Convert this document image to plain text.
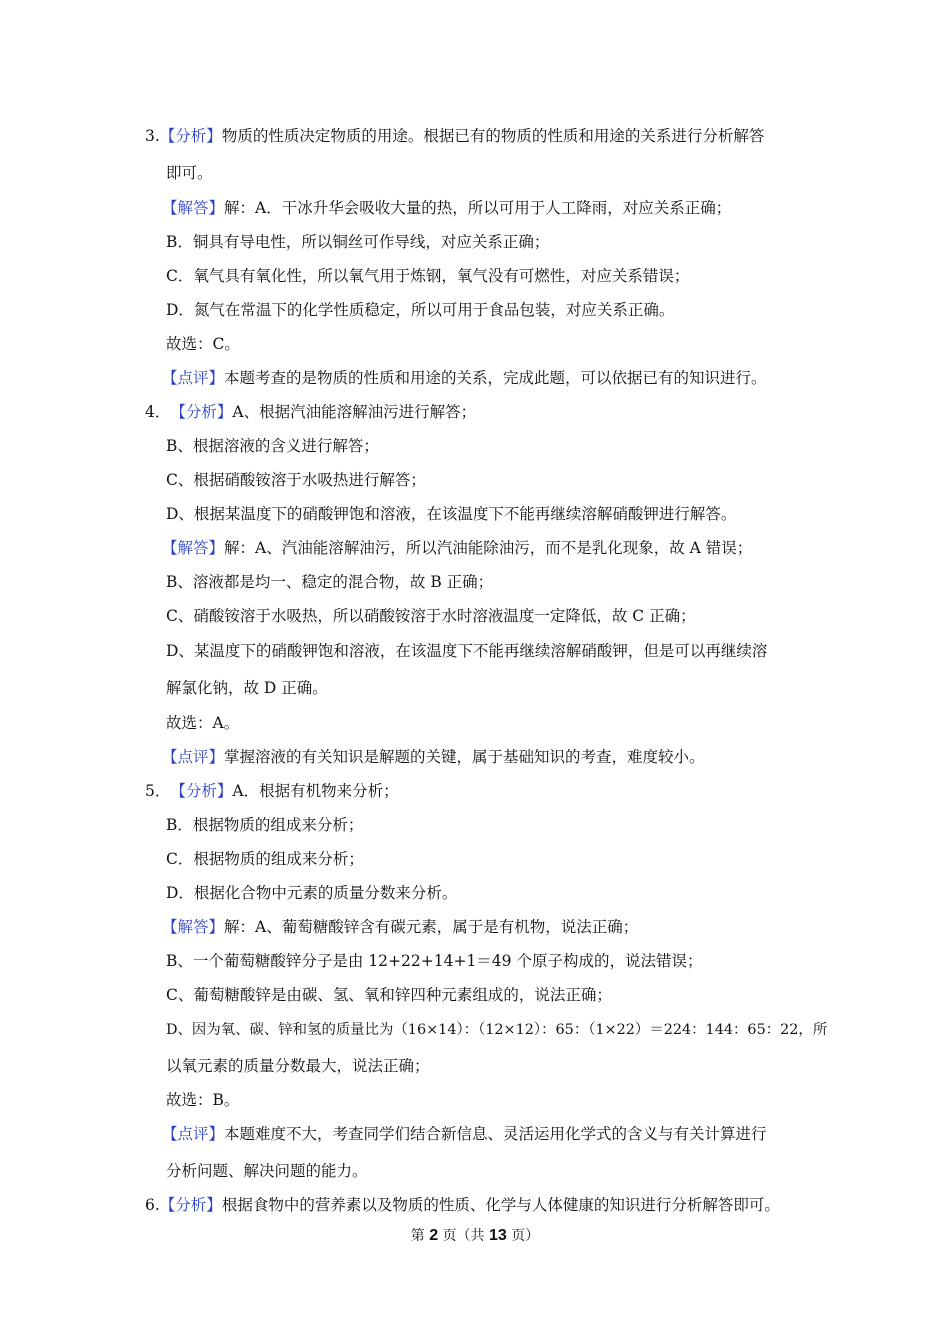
3.【分析】物质的性质决定物质的用途。根据已有的物质的性质和用途的关系进行分析解答
即可。
【解答】解：A．干冰升华会吸收大量的热，所以可用于人工降雨，对应关系正确；
B．铜具有导电性，所以铜丝可作导线，对应关系正确；
C．氧气具有氧化性，所以氧气用于炼钢，氧气没有可燃性，对应关系错误；
D．氮气在常温下的化学性质稳定，所以可用于食品包装，对应关系正确。
故选：C。
【点评】本题考查的是物质的性质和用途的关系，完成此题，可以依据已有的知识进行。
4．【分析】A、根据汽油能溶解油污进行解答；
B、根据溶液的含义进行解答；
C、根据硝酸铵溶于水吸热进行解答；
D、根据某温度下的硝酸钾饱和溶液，在该温度下不能再继续溶解硝酸钾进行解答。
【解答】解：A、汽油能溶解油污，所以汽油能除油污，而不是乳化现象，故 A 错误；
B、溶液都是均一、稳定的混合物，故 B 正确；
C、硝酸铵溶于水吸热，所以硝酸铵溶于水时溶液温度一定降低，故 C 正确；
D、某温度下的硝酸钾饱和溶液，在该温度下不能再继续溶解硝酸钾，但是可以再继续溶
解氯化钠，故 D 正确。
故选：A。
【点评】掌握溶液的有关知识是解题的关键，属于基础知识的考查，难度较小。
5．【分析】A．根据有机物来分析；
B．根据物质的组成来分析；
C．根据物质的组成来分析；
D．根据化合物中元素的质量分数来分析。
【解答】解：A、葡萄糖酸锌含有碳元素，属于是有机物，说法正确；
B、一个葡萄糖酸锌分子是由 12+22+14+1＝49 个原子构成的，说法错误；
C、葡萄糖酸锌是由碳、氢、氧和锌四种元素组成的，说法正确；
D、因为氧、碳、锌和氢的质量比为（16×14）：（12×12）：65：（1×22）＝224：144：65：22，所
以氧元素的质量分数最大，说法正确；
故选：B。
【点评】本题难度不大，考查同学们结合新信息、灵活运用化学式的含义与有关计算进行
分析问题、解决问题的能力。
6.【分析】根据食物中的营养素以及物质的性质、化学与人体健康的知识进行分析解答即可。
第 2 页（共 13 页）
